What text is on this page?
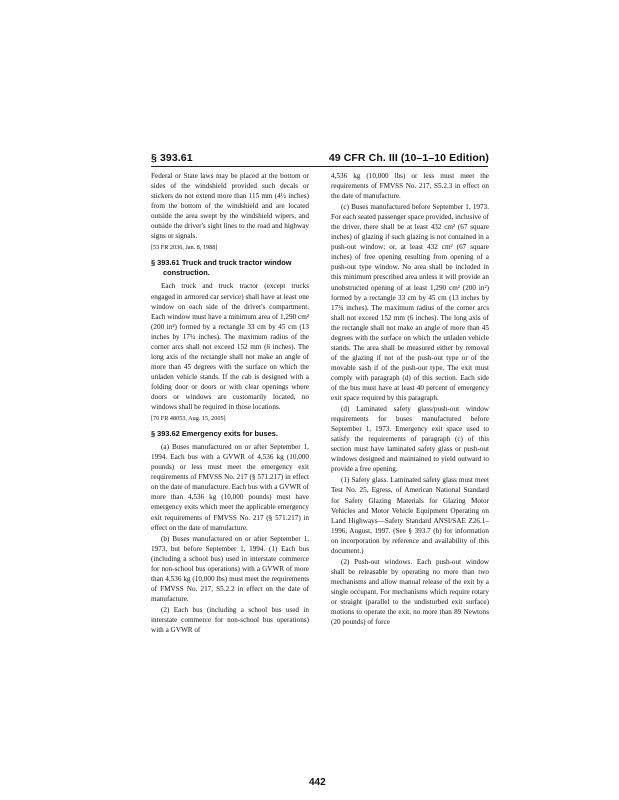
§ 393.61	49 CFR Ch. III (10–1–10 Edition)

Federal or State laws may be placed at the bottom or sides of the windshield provided such decals or stickers do not extend more than 115 mm (4½ inches) from the bottom of the windshield and are located outside the area swept by the windshield wipers, and outside the driver's sight lines to the road and highway signs or signals.

[53 FR 2036, Jan. 8, 1988]

§ 393.61 Truck and truck tractor window
construction.

Each truck and truck tractor (except trucks engaged in armored car service) shall have at least one window on each side of the driver's compartment. Each window must have a minimum area of 1,290 cm² (200 in²) formed by a rectangle 33 cm by 45 cm (13 inches by 17¾ inches). The maximum radius of the corner arcs shall not exceed 152 mm (6 inches). The long axis of the rectangle shall not make an angle of more than 45 degrees with the surface on which the unladen vehicle stands. If the cab is designed with a folding door or doors or with clear openings where doors or windows are customarily located, no windows shall be required in those locations.

[70 FR 48053, Aug. 15, 2005]

§ 393.62 Emergency exits for buses.

(a) Buses manufactured on or after September 1, 1994. Each bus with a GVWR of 4,536 kg (10,000 pounds) or less must meet the emergency exit requirements of FMVSS No. 217 (§ 571.217) in effect on the date of manufacture. Each bus with a GVWR of more than 4,536 kg (10,000 pounds) must have emergency exits which meet the applicable emergency exit requirements of FMVSS No. 217 (§ 571.217) in effect on the date of manufacture.

(b) Buses manufactured on or after September 1, 1973, but before September 1, 1994. (1) Each bus (including a school bus) used in interstate commerce for non-school bus operations) with a GVWR of more than 4,536 kg (10,000 lbs) must meet the requirements of FMVSS No. 217, S5.2.2 in effect on the date of manufacture.

(2) Each bus (including a school bus used in interstate commerce for non-school bus operations) with a GVWR of

4,536 kg (10,000 lbs) or less must meet the requirements of FMVSS No. 217, S5.2.3 in effect on the date of manufacture.

(c) Buses manufactured before September 1, 1973. For each seated passenger space provided, inclusive of the driver, there shall be at least 432 cm² (67 square inches) of glazing if such glazing is not contained in a push-out window; or, at least 432 cm² (67 square inches) of free opening resulting from opening of a push-out type window. No area shall be included in this minimum prescribed area unless it will provide an unobstructed opening of at least 1,290 cm² (200 in²) formed by a rectangle 33 cm by 45 cm (13 inches by 17¾ inches). The maximum radius of the corner arcs shall not exceed 152 mm (6 inches). The long axis of the rectangle shall not make an angle of more than 45 degrees with the surface on which the unladen vehicle stands. The area shall be measured either by removal of the glazing if not of the push-out type or of the movable sash if of the push-out type. The exit must comply with paragraph (d) of this section. Each side of the bus must have at least 40 percent of emergency exit space required by this paragraph.

(d) Laminated safety glass/push-out window requirements for buses manufactured before September 1, 1973. Emergency exit space used to satisfy the requirements of paragraph (c) of this section must have laminated safety glass or push-out windows designed and maintained to yield outward to provide a free opening.

(1) Safety glass. Laminated safety glass must meet Test No. 25, Egress, of American National Standard for Safety Glazing Materials for Glazing Motor Vehicles and Motor Vehicle Equipment Operating on Land Highways—Safety Standard ANSI/SAE Z26.1–1996, August, 1997. (See § 393.7 (b) for information on incorporation by reference and availability of this document.)

(2) Push-out windows. Each push-out window shall be releasable by operating no more than two mechanisms and allow manual release of the exit by a single occupant. For mechanisms which require rotary or straight (parallel to the undisturbed exit surface) motions to operate the exit, no more than 89 Newtons (20 pounds) of force

442
